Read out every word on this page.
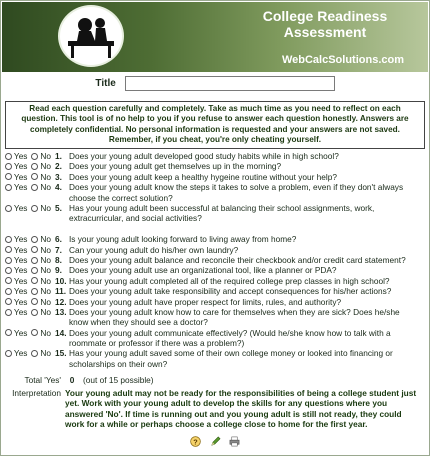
College Readiness
Assessment
WebCalcSolutions.com
Title
Read each question carefully and completely. Take as much time as you need to reflect on each question. This tool is of no help to you if you refuse to answer each question honestly. Answers are completely confidential. No personal information is requested and your answers are not saved. Remember, if you cheat, you're only cheating yourself.
Yes No 1. Does your young adult developed good study habits while in high school?
Yes No 2. Does your young adult get themselves up in the morning?
Yes No 3. Does your young adult keep a healthy hygeine routine without your help?
Yes No 4. Does your young adult know the steps it takes to solve a problem, even if they don't always choose the correct solution?
Yes No 5. Has your young adult been successful at balancing their school assignments, work, extracurricular, and social activities?
Yes No 6. Is your young adult looking forward to living away from home?
Yes No 7. Can your young adult do his/her own laundry?
Yes No 8. Does your young adult balance and reconcile their checkbook and/or credit card statement?
Yes No 9. Does your young adult use an organizational tool, like a planner or PDA?
Yes No 10. Has your young adult completed all of the required college prep classes in high school?
Yes No 11. Does your young adult take responsibility and accept consequences for his/her actions?
Yes No 12. Does your young adult have proper respect for limits, rules, and authority?
Yes No 13. Does your young adult know how to care for themselves when they are sick? Does he/she know when they should see a doctor?
Yes No 14. Does your young adult communicate effectively? (Would he/she know how to talk with a roommate or professor if there was a problem?)
Yes No 15. Has your young adult saved some of their own college money or looked into financing or scholarships on their own?
Total 'Yes'	0	(out of 15 possible)
Interpretation Your young adult may not be ready for the responsibilities of being a college student just yet. Work with your young adult to develop the skills for any questions where you answered 'No'. If time is running out and you young adult is still not ready, they could work for a while or perhaps choose a college close to home for the first year.
?
